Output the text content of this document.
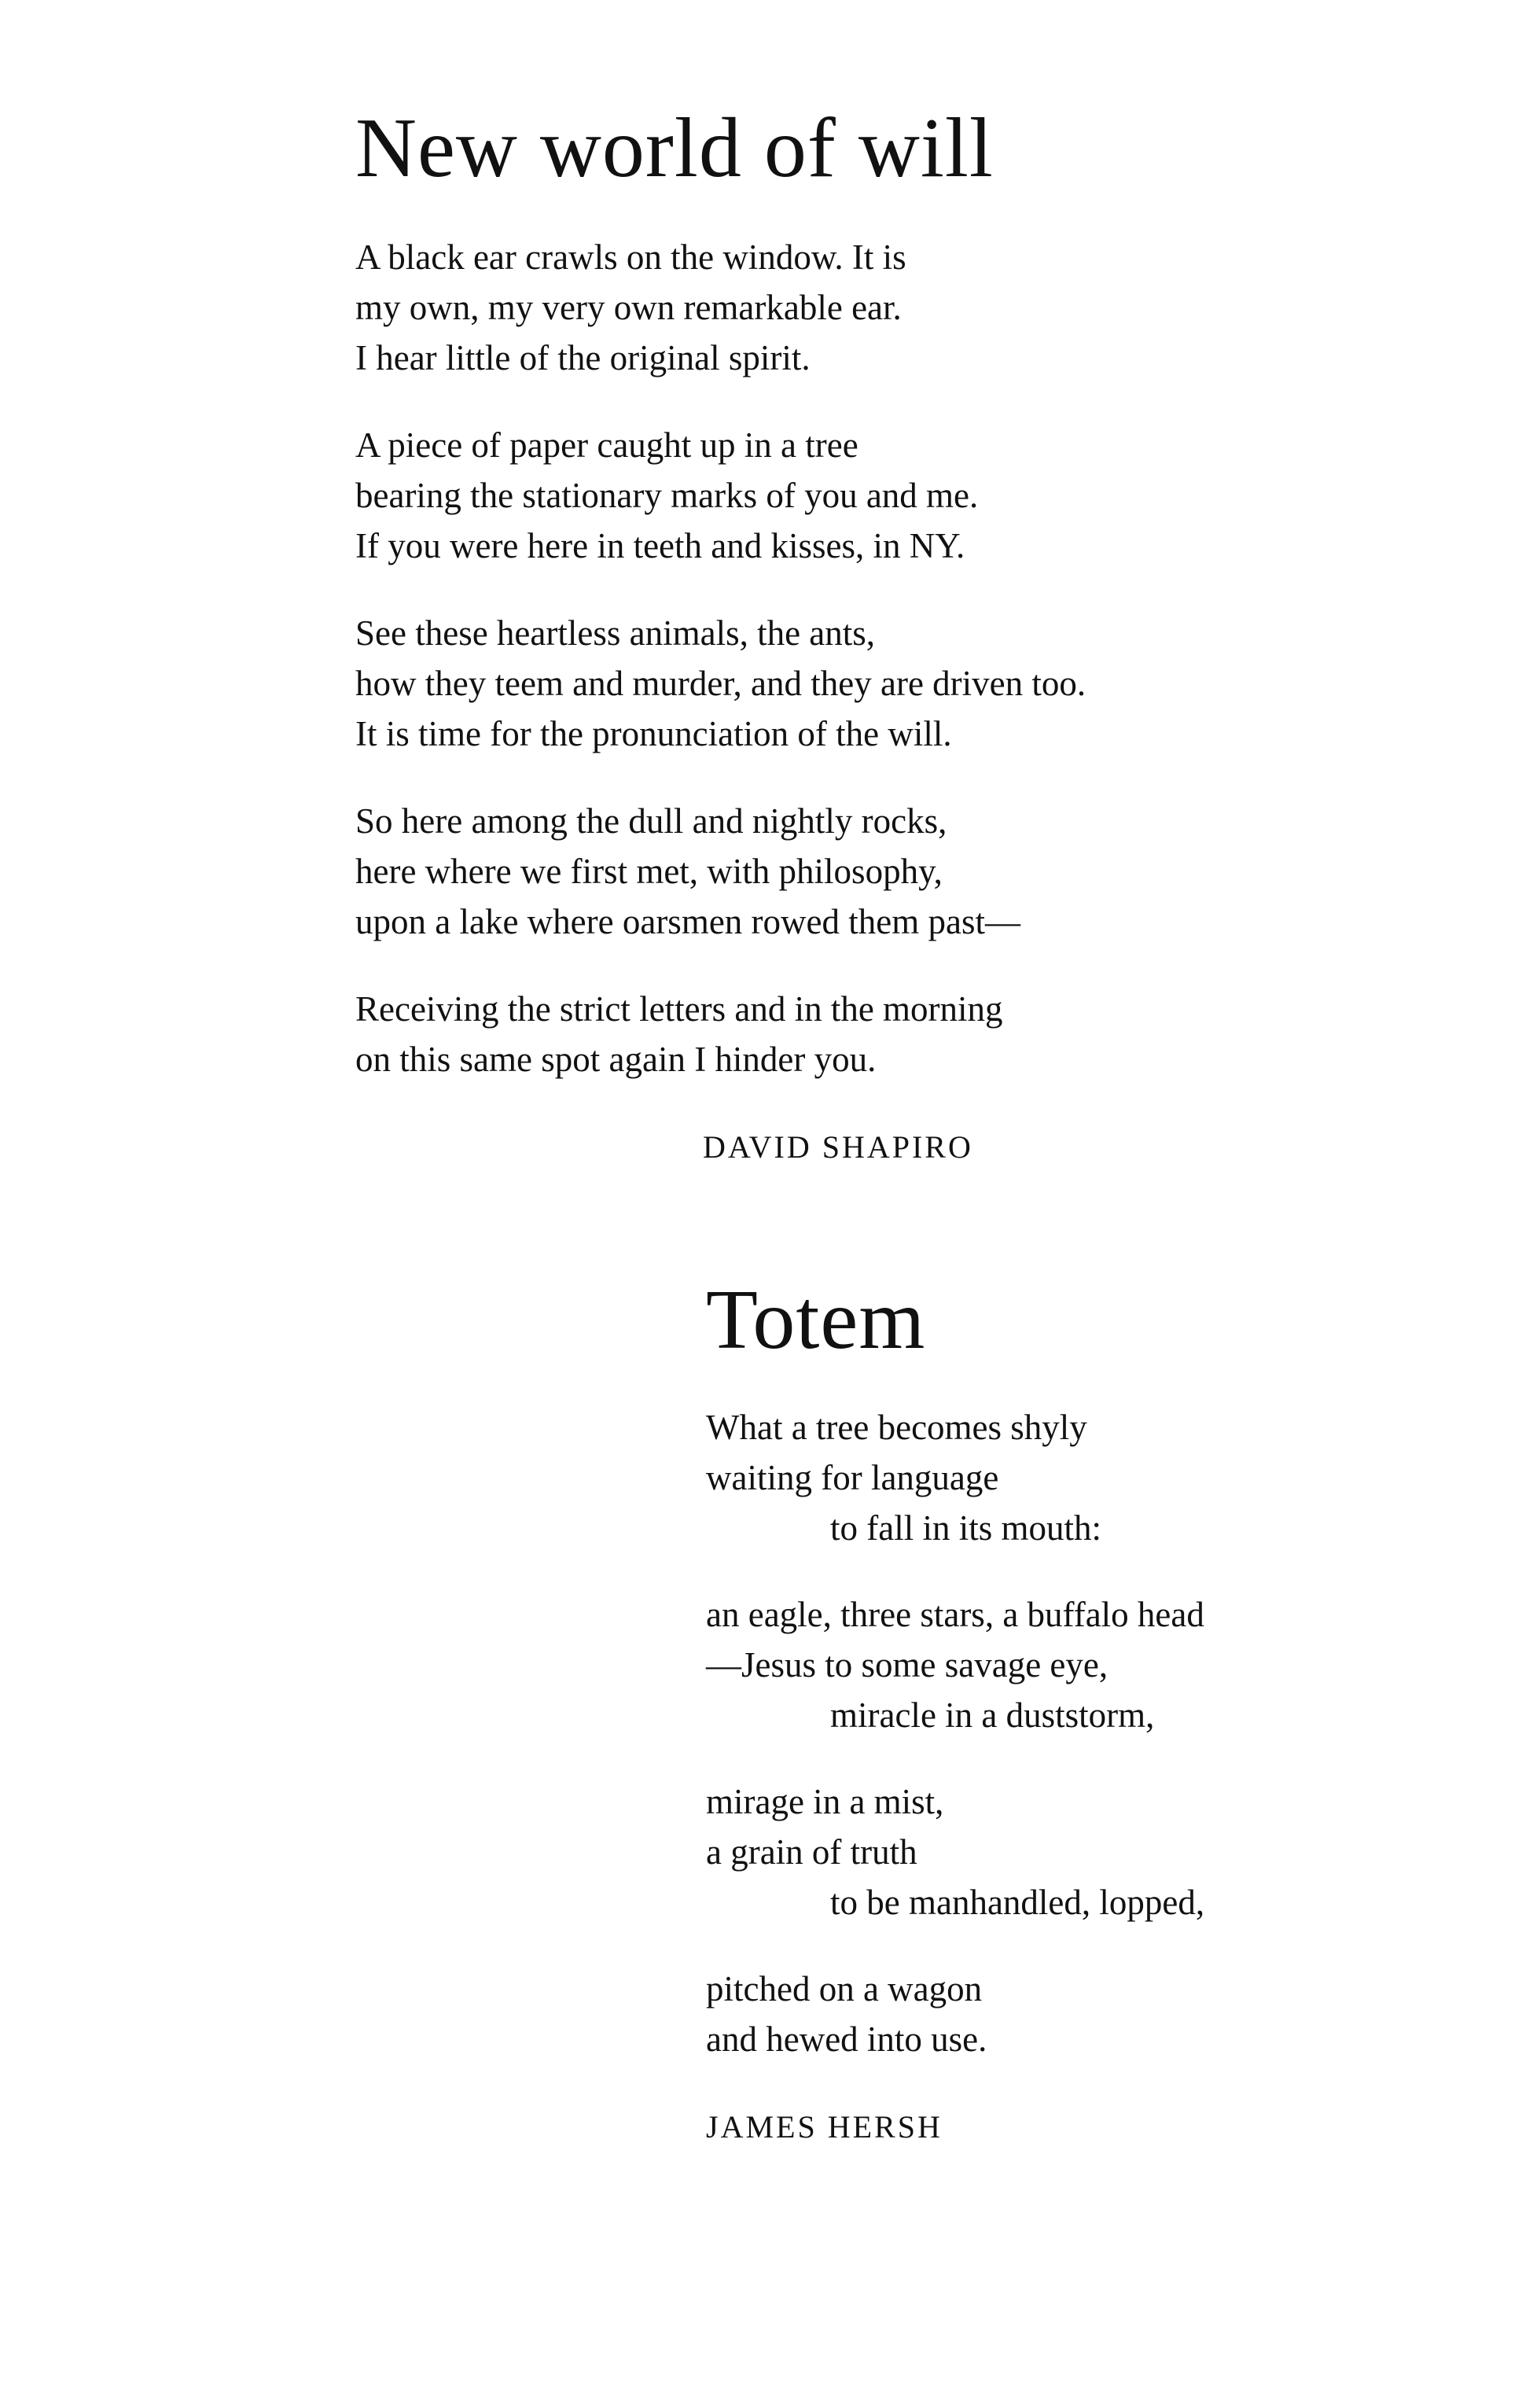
New world of will

A black ear crawls on the window. It is
my own, my very own remarkable ear.
I hear little of the original spirit.

A piece of paper caught up in a tree
bearing the stationary marks of you and me.
If you were here in teeth and kisses, in NY.

See these heartless animals, the ants,
how they teem and murder, and they are driven too.
It is time for the pronunciation of the will.

So here among the dull and nightly rocks,
here where we first met, with philosophy,
upon a lake where oarsmen rowed them past—

Receiving the strict letters and in the morning
on this same spot again I hinder you.

DAVID SHAPIRO
Totem

What a tree becomes shyly
waiting for language
to fall in its mouth:

an eagle, three stars, a buffalo head
—Jesus to some savage eye,
miracle in a duststorm,

mirage in a mist,
a grain of truth
to be manhandled, lopped,

pitched on a wagon
and hewed into use.

JAMES HERSH
